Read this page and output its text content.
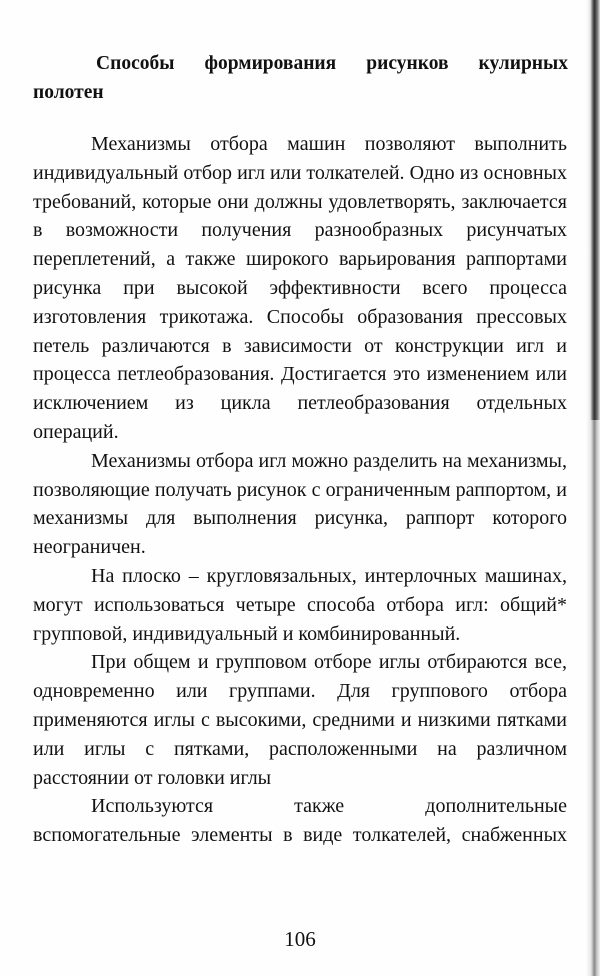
Способы формирования рисунков кулирных
полотен

Механизмы отбора машин позволяют выполнить индивидуальный отбор игл или толкателей. Одно из основных требований, которые они должны удовлетворять, заключается в возможности получения разнообразных рисунчатых переплетений, а также широкого варьирования раппортами рисунка при высокой эффективности всего процесса изготовления трикотажа. Способы образования прессовых петель различаются в зависимости от конструкции игл и процесса петлеобразования. Достигается это изменением или исключением из цикла петлеобразования отдельных операций.

Механизмы отбора игл можно разделить на механизмы, позволяющие получать рисунок с ограниченным раппортом, и механизмы для выполнения рисунка, раппорт которого неограничен.

На плоско – кругловязальных, интерлочных машинах, могут использоваться четыре способа отбора игл: общий* групповой, индивидуальный и комбинированный.

При общем и групповом отборе иглы отбираются все, одновременно или группами. Для группового отбора применяются иглы с высокими, средними и низкими пятками или иглы с пятками, расположенными на различном расстоянии от головки иглы

Используются также дополнительные вспомогательные элементы в виде толкателей, снабженных

106
